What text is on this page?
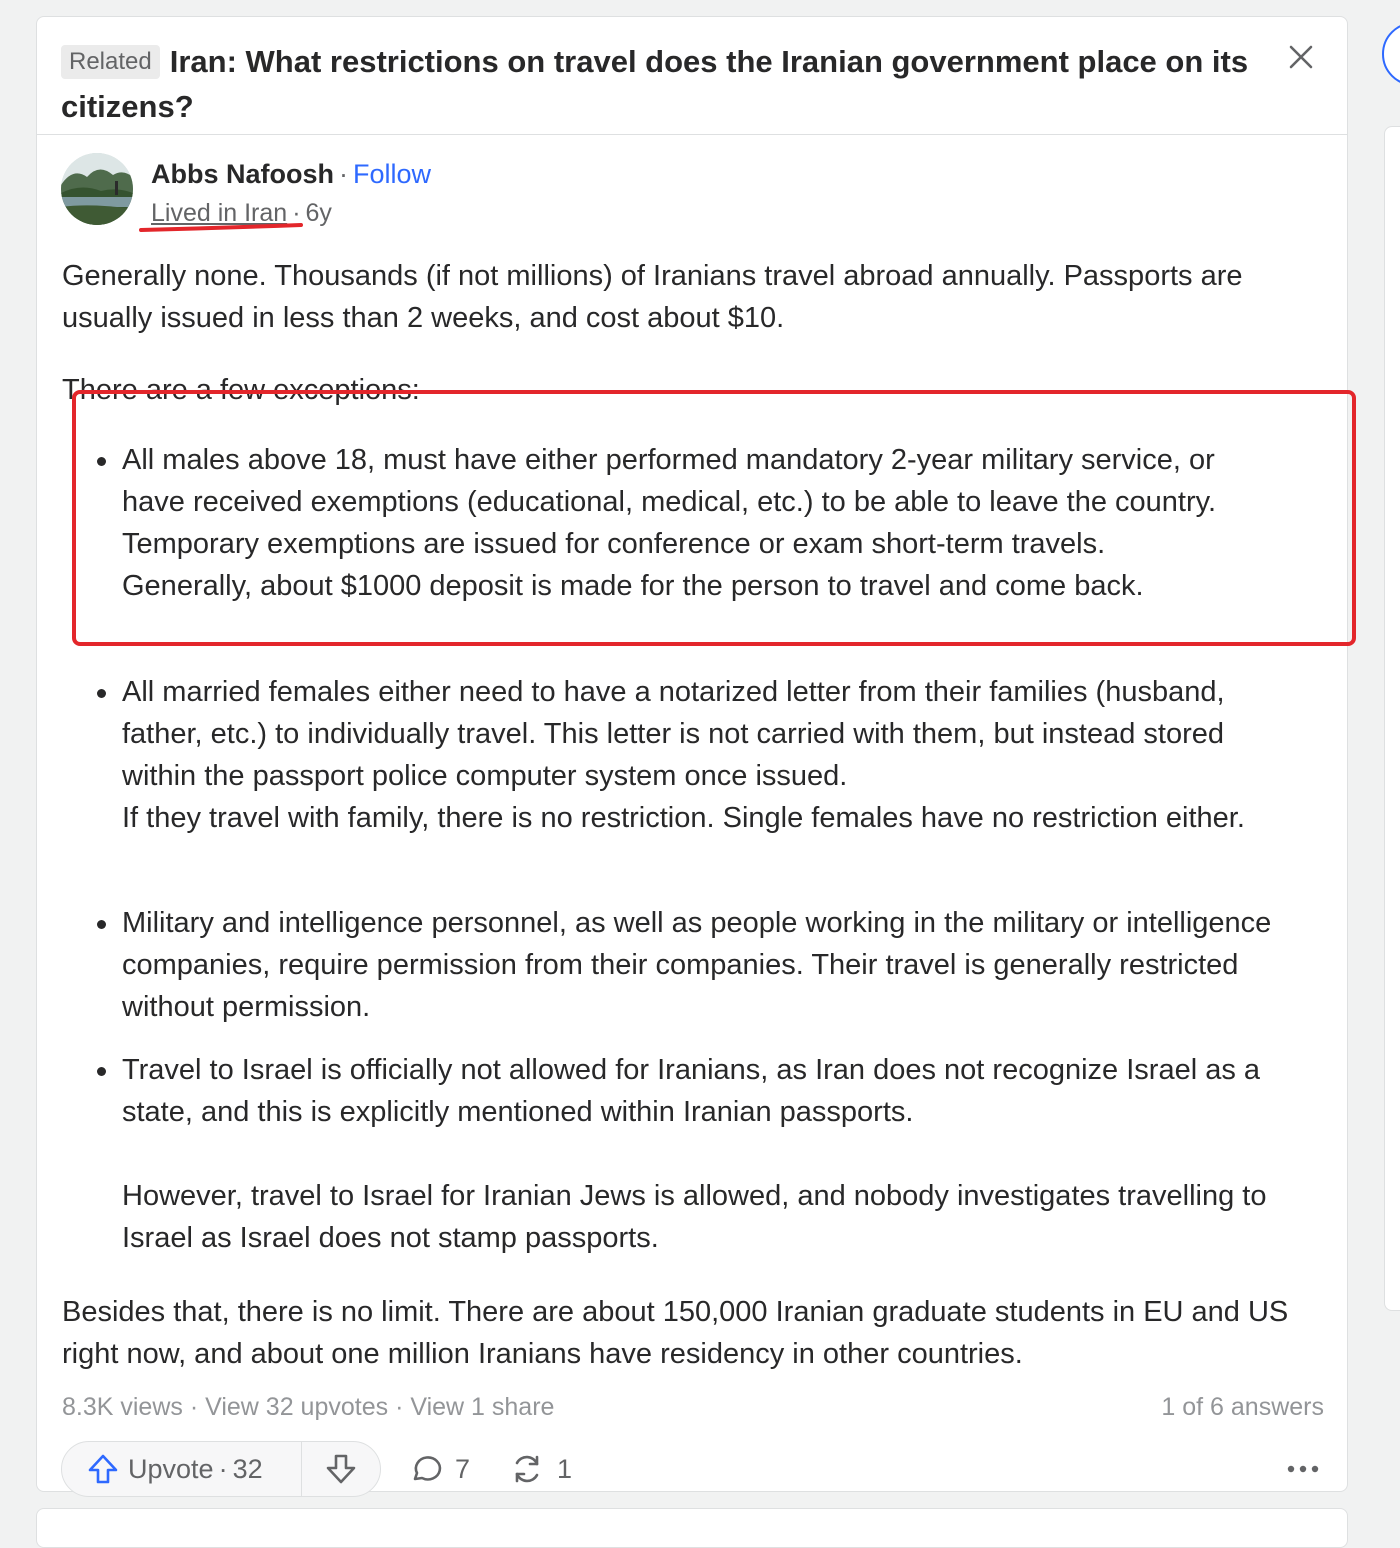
Related Iran: What restrictions on travel does the Iranian government place on its citizens?
Abbs Nafoosh · Follow
Lived in Iran · 6y

Generally none. Thousands (if not millions) of Iranians travel abroad annually. Passports are usually issued in less than 2 weeks, and cost about $10.

There are a few exceptions:

All males above 18, must have either performed mandatory 2-year military service, or have received exemptions (educational, medical, etc.) to be able to leave the country.
Temporary exemptions are issued for conference or exam short-term travels.
Generally, about $1000 deposit is made for the person to travel and come back.
All married females either need to have a notarized letter from their families (husband, father, etc.) to individually travel. This letter is not carried with them, but instead stored within the passport police computer system once issued.
If they travel with family, there is no restriction. Single females have no restriction either.
Military and intelligence personnel, as well as people working in the military or intelligence companies, require permission from their companies. Their travel is generally restricted without permission.
Travel to Israel is officially not allowed for Iranians, as Iran does not recognize Israel as a state, and this is explicitly mentioned within Iranian passports.
However, travel to Israel for Iranian Jews is allowed, and nobody investigates travelling to Israel as Israel does not stamp passports.

Besides that, there is no limit. There are about 150,000 Iranian graduate students in EU and US right now, and about one million Iranians have residency in other countries.

8.3K views · View 32 upvotes · View 1 share	1 of 6 answers
Upvote · 32	7	1
